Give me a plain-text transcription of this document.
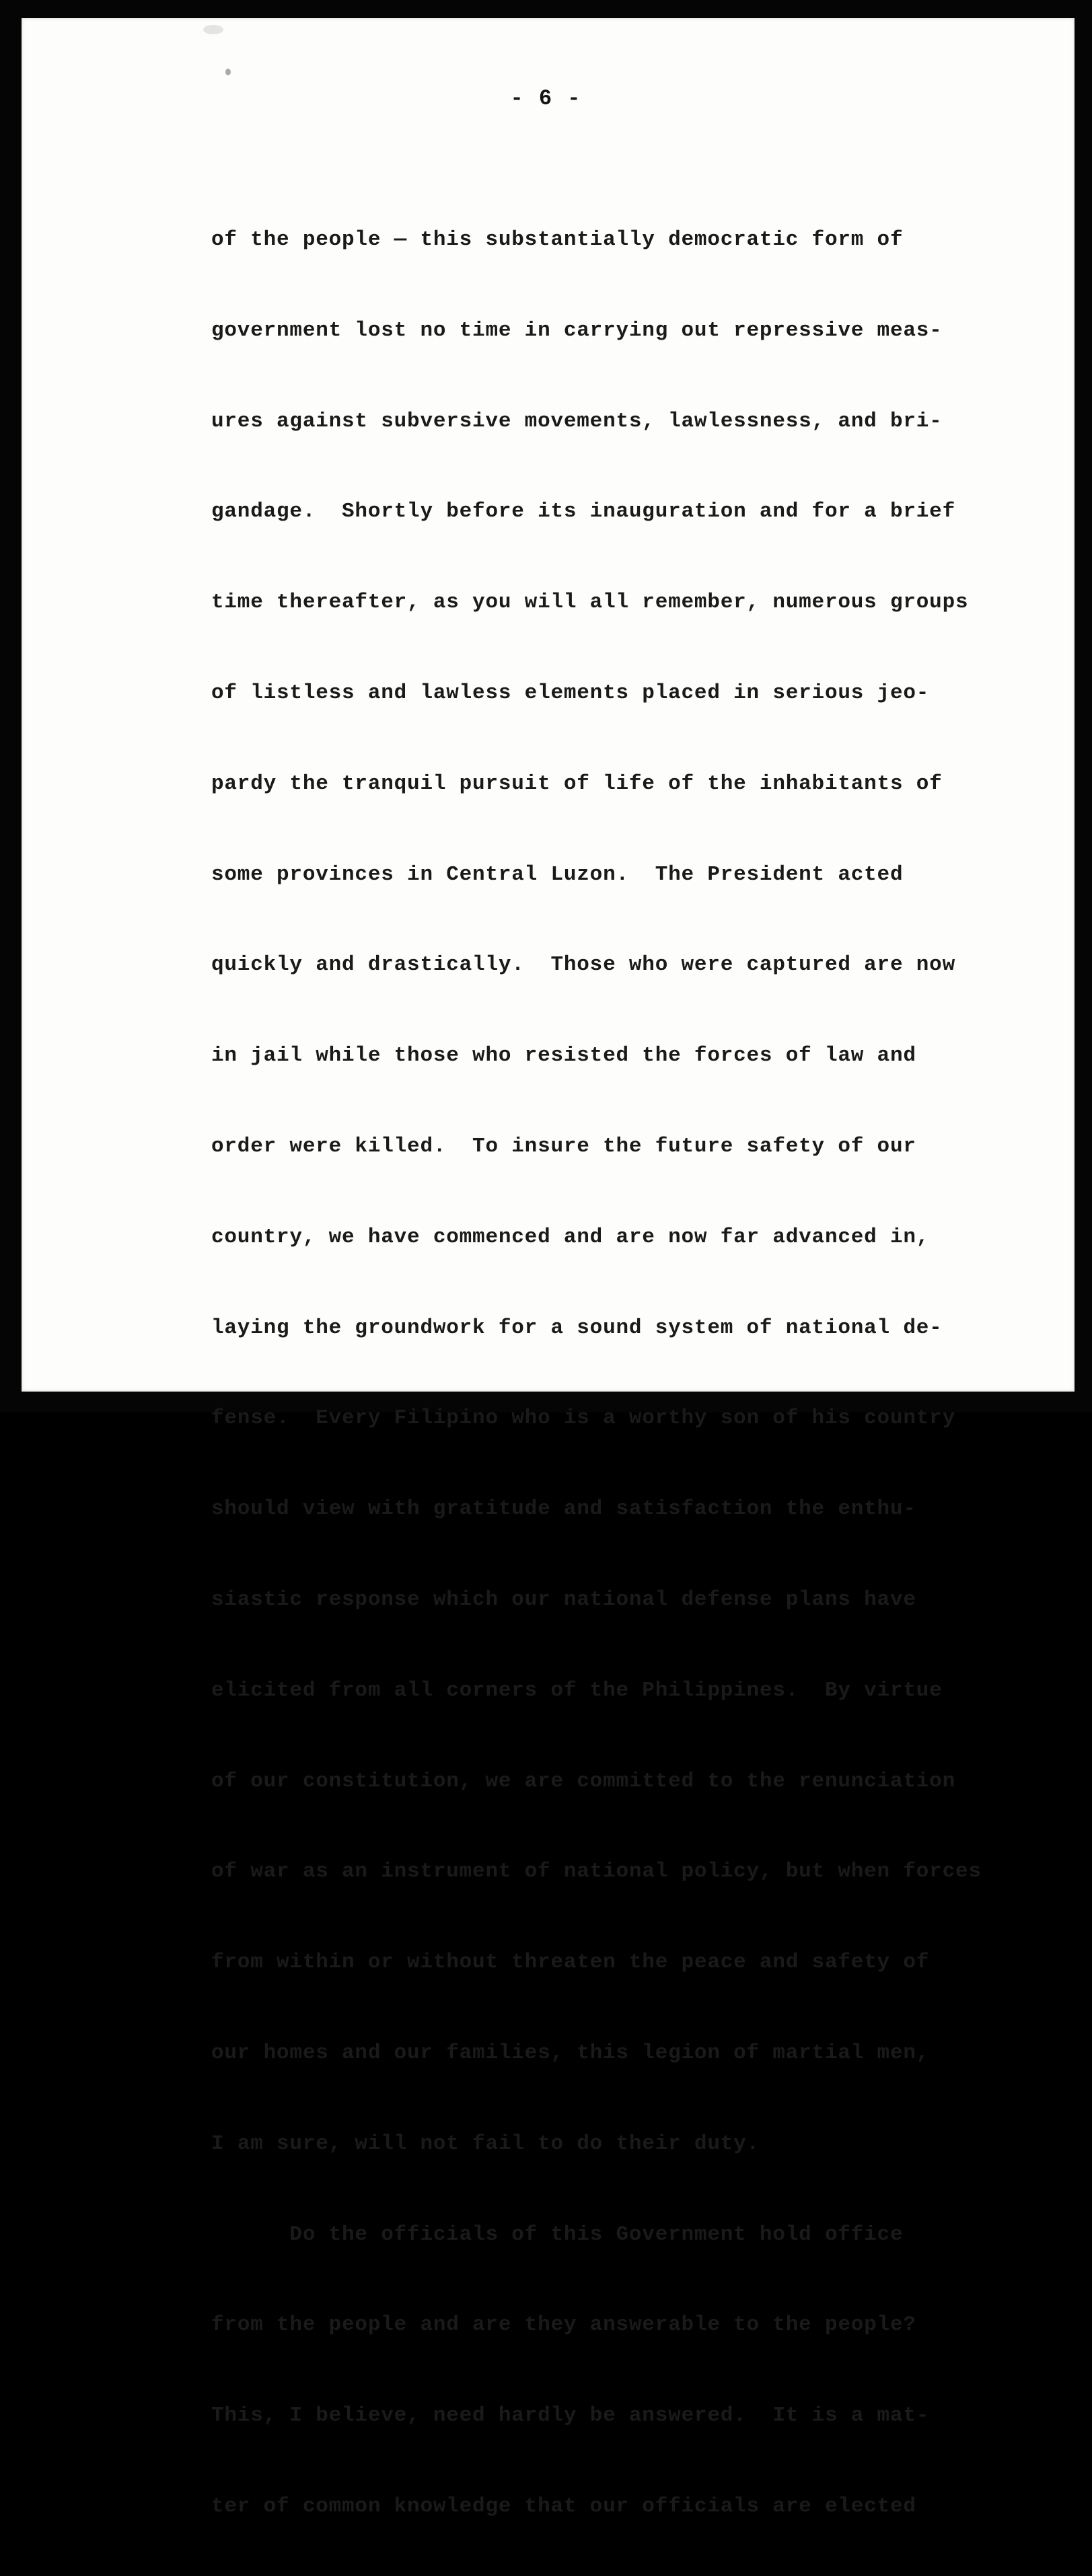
- 6 -

of the people — this substantially democratic form of

government lost no time in carrying out repressive meas-

ures against subversive movements, lawlessness, and bri-

gandage.  Shortly before its inauguration and for a brief

time thereafter, as you will all remember, numerous groups

of listless and lawless elements placed in serious jeo-

pardy the tranquil pursuit of life of the inhabitants of

some provinces in Central Luzon.  The President acted

quickly and drastically.  Those who were captured are now

in jail while those who resisted the forces of law and

order were killed.  To insure the future safety of our

country, we have commenced and are now far advanced in,

laying the groundwork for a sound system of national de-

fense.  Every Filipino who is a worthy son of his country

should view with gratitude and satisfaction the enthu-

siastic response which our national defense plans have

elicited from all corners of the Philippines.  By virtue

of our constitution, we are committed to the renunciation

of war as an instrument of national policy, but when forces

from within or without threaten the peace and safety of

our homes and our families, this legion of martial men,

I am sure, will not fail to do their duty.

Do the officials of this Government hold office

from the people and are they answerable to the people?

This, I believe, need hardly be answered.  It is a mat-

ter of common knowledge that our officials are elected
